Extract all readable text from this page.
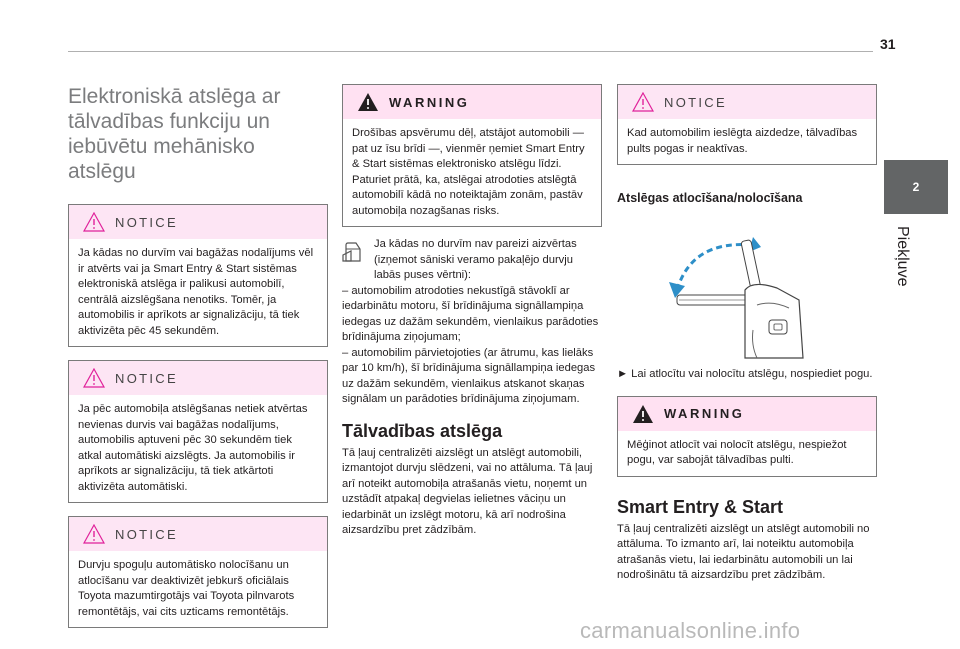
31
2
Piekļuve
Elektroniskā atslēga ar tālvadības funkciju un iebūvētu mehānisko atslēgu
NOTICE
Ja kādas no durvīm vai bagāžas nodalījums vēl ir atvērts vai ja Smart Entry & Start sistēmas elektroniskā atslēga ir palikusi automobilī, centrālā aizslēgšana nenotiks. Tomēr, ja automobilis ir aprīkots ar signalizāciju, tā tiek aktivizēta pēc 45 sekundēm.
NOTICE
Ja pēc automobiļa atslēgšanas netiek atvērtas nevienas durvis vai bagāžas nodalījums, automobilis aptuveni pēc 30 sekundēm tiek atkal automātiski aizslēgts. Ja automobilis ir aprīkots ar signalizāciju, tā tiek atkārtoti aktivizēta automātiski.
NOTICE
Durvju spoguļu automātisko nolocīšanu un atlocīšanu var deaktivizēt jebkurš oficiālais Toyota mazumtirgotājs vai Toyota pilnvarots remontētājs, vai cits uzticams remontētājs.
WARNING
Drošības apsvērumu dēļ, atstājot automobili — pat uz īsu brīdi —, vienmēr ņemiet Smart Entry & Start sistēmas elektronisko atslēgu līdzi. Paturiet prātā, ka, atslēgai atrodoties atslēgtā automobilī kādā no noteiktajām zonām, pastāv automobiļa nozagšanas risks.
Ja kādas no durvīm nav pareizi aizvērtas (izņemot sāniski veramo pakaļējo durvju labās puses vērtni):
– automobilim atrodoties nekustīgā stāvoklī ar iedarbinātu motoru, šī brīdinājuma signāllampiņa iedegas uz dažām sekundēm, vienlaikus parādoties brīdinājuma ziņojumam;
– automobilim pārvietojoties (ar ātrumu, kas lielāks par 10 km/h), šī brīdinājuma signāllampiņa iedegas uz dažām sekundēm, vienlaikus atskanot skaņas signālam un parādoties brīdinājuma ziņojumam.
Tālvadības atslēga
Tā ļauj centralizēti aizslēgt un atslēgt automobili, izmantojot durvju slēdzeni, vai no attāluma. Tā ļauj arī noteikt automobiļa atrašanās vietu, noņemt un uzstādīt atpakaļ degvielas ielietnes vāciņu un iedarbināt un izslēgt motoru, kā arī nodrošina aizsardzību pret zādzībām.
NOTICE
Kad automobilim ieslēgta aizdedze, tālvadības pults pogas ir neaktīvas.
Atslēgas atlocīšana/nolocīšana
► Lai atlocītu vai nolocītu atslēgu, nospiediet pogu.
WARNING
Mēģinot atlocīt vai nolocīt atslēgu, nespiežot pogu, var sabojāt tālvadības pulti.
Smart Entry & Start
Tā ļauj centralizēti aizslēgt un atslēgt automobili no attāluma. To izmanto arī, lai noteiktu automobiļa atrašanās vietu, lai iedarbinātu automobili un lai nodrošinātu tā aizsardzību pret zādzībām.
carmanualsonline.info
